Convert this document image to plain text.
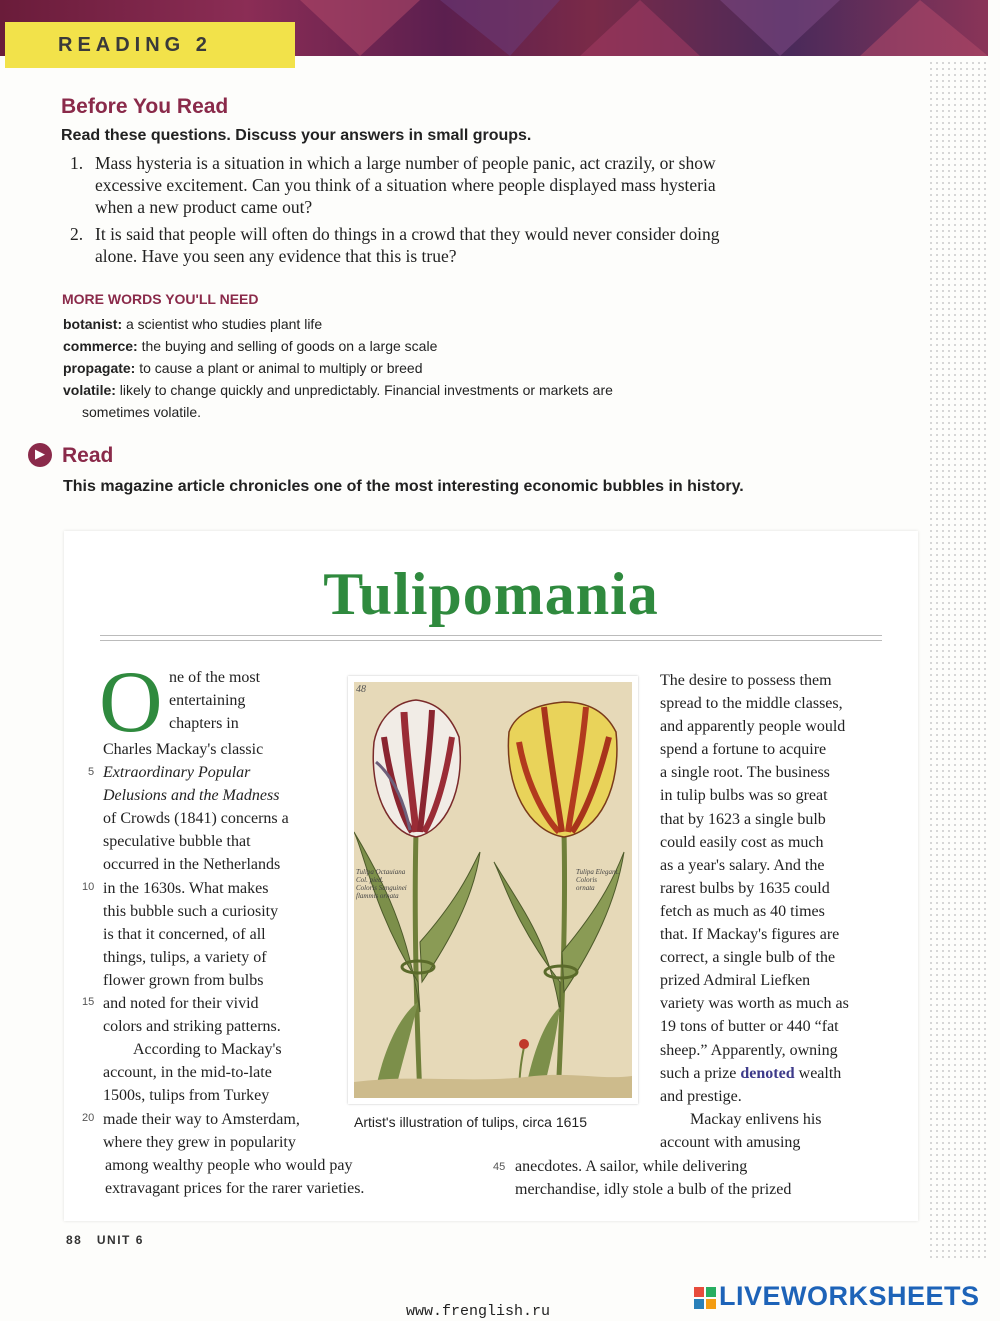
READING 2
Before You Read
Read these questions. Discuss your answers in small groups.
1. Mass hysteria is a situation in which a large number of people panic, act crazily, or show excessive excitement. Can you think of a situation where people displayed mass hysteria when a new product came out?
2. It is said that people will often do things in a crowd that they would never consider doing alone. Have you seen any evidence that this is true?
MORE WORDS YOU'LL NEED
botanist: a scientist who studies plant life
commerce: the buying and selling of goods on a large scale
propagate: to cause a plant or animal to multiply or breed
volatile: likely to change quickly and unpredictably. Financial investments or markets are
sometimes volatile.
▶ Read
This magazine article chronicles one of the most interesting economic bubbles in history.
Tulipomania
O ne of the most
entertaining
chapters in
Charles Mackay's classic
Extraordinary Popular
Delusions and the Madness
of Crowds (1841) concerns a
speculative bubble that
occurred in the Netherlands
in the 1630s. What makes
this bubble such a curiosity
is that it concerned, of all
things, tulips, a variety of
flower grown from bulbs
and noted for their vivid
colors and striking patterns.
According to Mackay's
account, in the mid-to-late
1500s, tulips from Turkey
made their way to Amsterdam,
where they grew in popularity
among wealthy people who would pay
extravagant prices for the rarer varieties.
5
10
15
20
45
48
Tulipa Octauiana
Col. pied.
Coloris Sanguinei
flammis ornata
Tulipa Elegant.
Coloris
ornata
Artist's illustration of tulips, circa 1615
The desire to possess them
spread to the middle classes,
and apparently people would
spend a fortune to acquire
a single root. The business
in tulip bulbs was so great
that by 1623 a single bulb
could easily cost as much
as a year's salary. And the
rarest bulbs by 1635 could
fetch as much as 40 times
that. If Mackay's figures are
correct, a single bulb of the
prized Admiral Liefken
variety was worth as much as
19 tons of butter or 440 “fat
sheep.” Apparently, owning
such a prize denoted wealth
and prestige.
Mackay enlivens his
account with amusing
anecdotes. A sailor, while delivering
merchandise, idly stole a bulb of the prized
88 UNIT 6
www.frenglish.ru
LIVEWORKSHEETS
